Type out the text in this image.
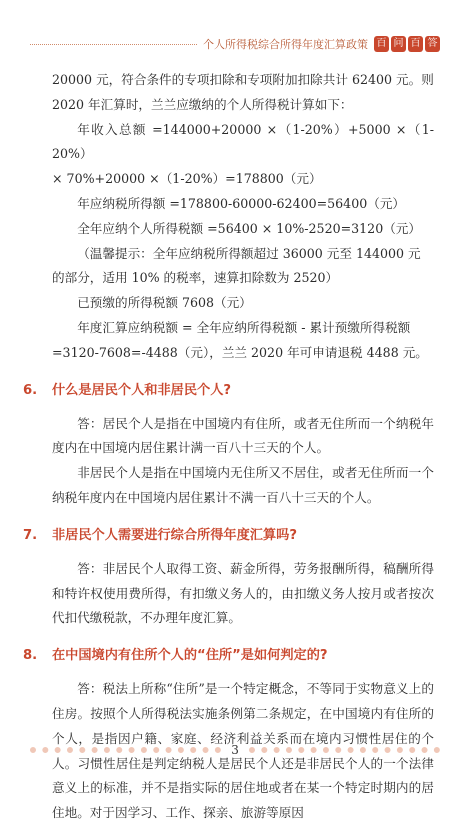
个人所得税综合所得年度汇算政策 百 问 百 答

20000 元，符合条件的专项扣除和专项附加扣除共计 62400 元。则

2020 年汇算时，兰兰应缴纳的个人所得税计算如下：

年收入总额 =144000+20000 ×（1-20%）+5000 ×（1-20%）

× 70%+20000 ×（1-20%）=178800（元）

年应纳税所得额 =178800-60000-62400=56400（元）

全年应纳个人所得税额 =56400 × 10%-2520=3120（元）

（温馨提示：全年应纳税所得额超过 36000 元至 144000 元

的部分，适用 10% 的税率，速算扣除数为 2520）

已预缴的所得税额 7608（元）

年度汇算应纳税额 = 全年应纳所得税额 - 累计预缴所得税额

=3120-7608=-4488（元），兰兰 2020 年可申请退税 4488 元。

6.	什么是居民个人和非居民个人?

答：居民个人是指在中国境内有住所，或者无住所而一个纳税年度内在中国境内居住累计满一百八十三天的个人。

非居民个人是指在中国境内无住所又不居住，或者无住所而一个纳税年度内在中国境内居住累计不满一百八十三天的个人。

7.	非居民个人需要进行综合所得年度汇算吗?

答：非居民个人取得工资、薪金所得，劳务报酬所得，稿酬所得和特许权使用费所得，有扣缴义务人的，由扣缴义务人按月或者按次代扣代缴税款，不办理年度汇算。

8.	在中国境内有住所个人的“住所”是如何判定的?

答：税法上所称“住所”是一个特定概念，不等同于实物意义上的住房。按照个人所得税法实施条例第二条规定，在中国境内有住所的个人，是指因户籍、家庭、经济利益关系而在境内习惯性居住的个人。习惯性居住是判定纳税人是居民个人还是非居民个人的一个法律意义上的标准，并不是指实际的居住地或者在某一个特定时期内的居住地。对于因学习、工作、探亲、旅游等原因

3
